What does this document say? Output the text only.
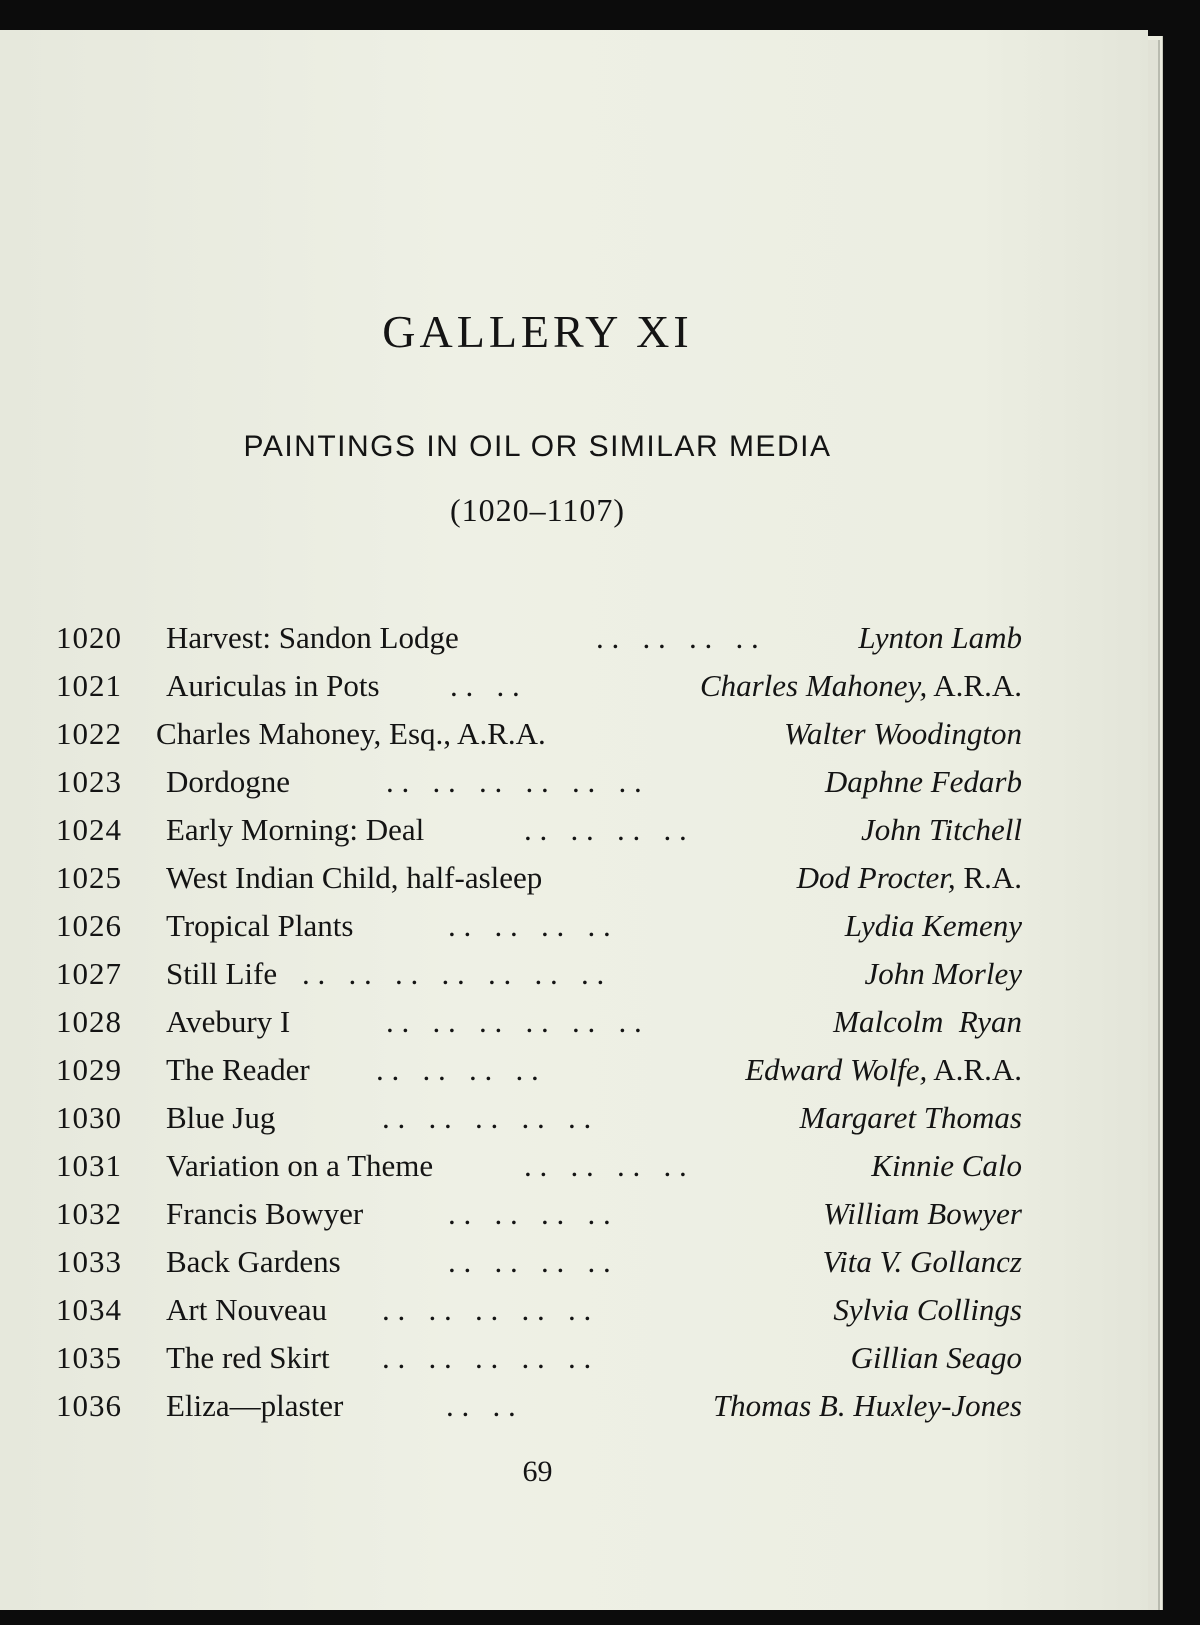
GALLERY XI
PAINTINGS IN OIL OR SIMILAR MEDIA
(1020–1107)
1020 Harvest: Sandon Lodge	. .   . .   . .   . .	Lynton Lamb
1021 Auriculas in Pots . .   . .	Charles Mahoney, A.R.A.
1022 Charles Mahoney, Esq., A.R.A.	Walter Woodington
1023 Dordogne	. .   . .   . .   . .   . .   . .	Daphne Fedarb
1024 Early Morning: Deal	. .   . .   . .   . .	John Titchell
1025 West Indian Child, half-asleep	Dod Procter, R.A.
1026 Tropical Plants	. .   . .   . .   . .	Lydia Kemeny
1027 Still Life . .   . .   . .   . .   . .   . .   . .	John Morley
1028 Avebury I	. .   . .   . .   . .   . .   . .	Malcolm  Ryan
1029 The Reader . .   . .   . .   . .	Edward Wolfe, A.R.A.
1030 Blue Jug	. .   . .   . .   . .   . .	Margaret Thomas
1031 Variation on a Theme	. .   . .   . .   . .	Kinnie Calo
1032 Francis Bowyer	. .   . .   . .   . .	William Bowyer
1033 Back Gardens	. .   . .   . .   . .	Vita V. Gollancz
1034 Art Nouveau . .   . .   . .   . .   . .	Sylvia Collings
1035 The red Skirt . .   . .   . .   . .   . .	Gillian Seago
1036 Eliza—plaster	. .   . .	Thomas B. Huxley-Jones
69
